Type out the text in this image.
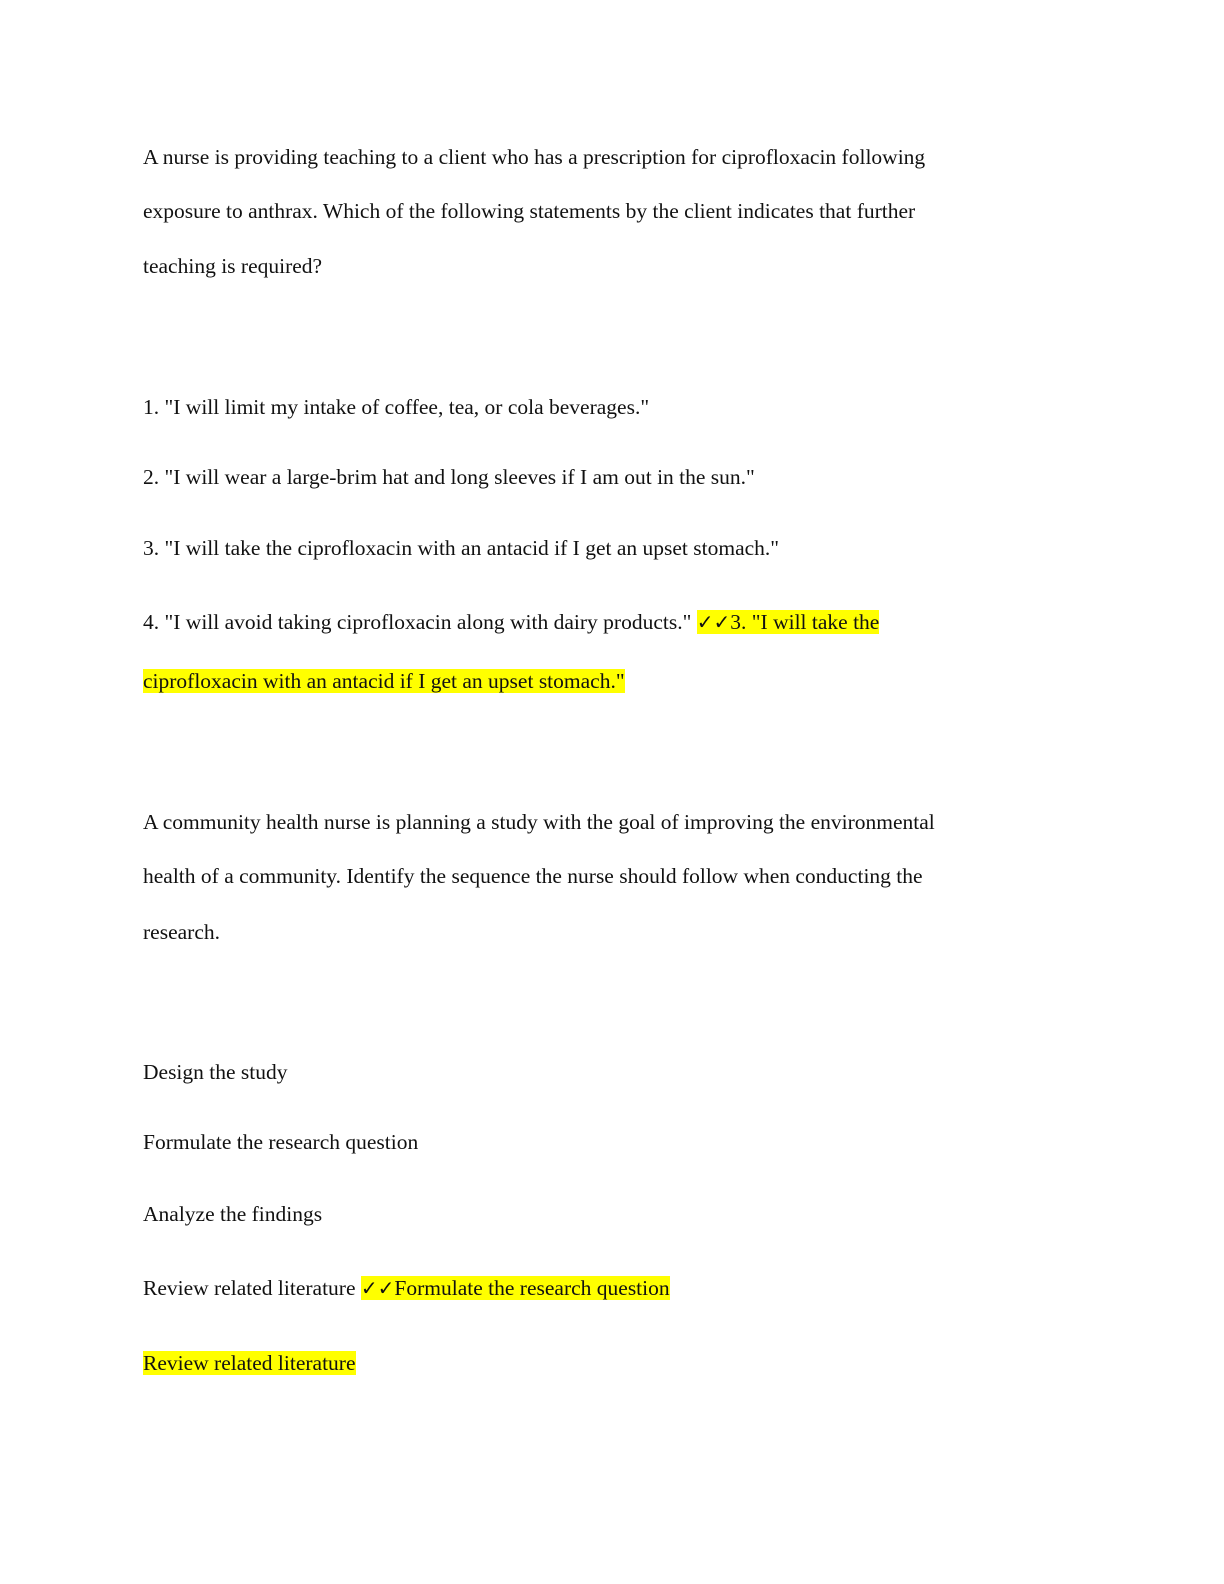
A nurse is providing teaching to a client who has a prescription for ciprofloxacin following
exposure to anthrax. Which of the following statements by the client indicates that further
teaching is required?
1. "I will limit my intake of coffee, tea, or cola beverages."
2. "I will wear a large-brim hat and long sleeves if I am out in the sun."
3. "I will take the ciprofloxacin with an antacid if I get an upset stomach."
4. "I will avoid taking ciprofloxacin along with dairy products." ✓✓3. "I will take the
ciprofloxacin with an antacid if I get an upset stomach."
A community health nurse is planning a study with the goal of improving the environmental
health of a community. Identify the sequence the nurse should follow when conducting the
research.
Design the study
Formulate the research question
Analyze the findings
Review related literature ✓✓Formulate the research question
Review related literature
